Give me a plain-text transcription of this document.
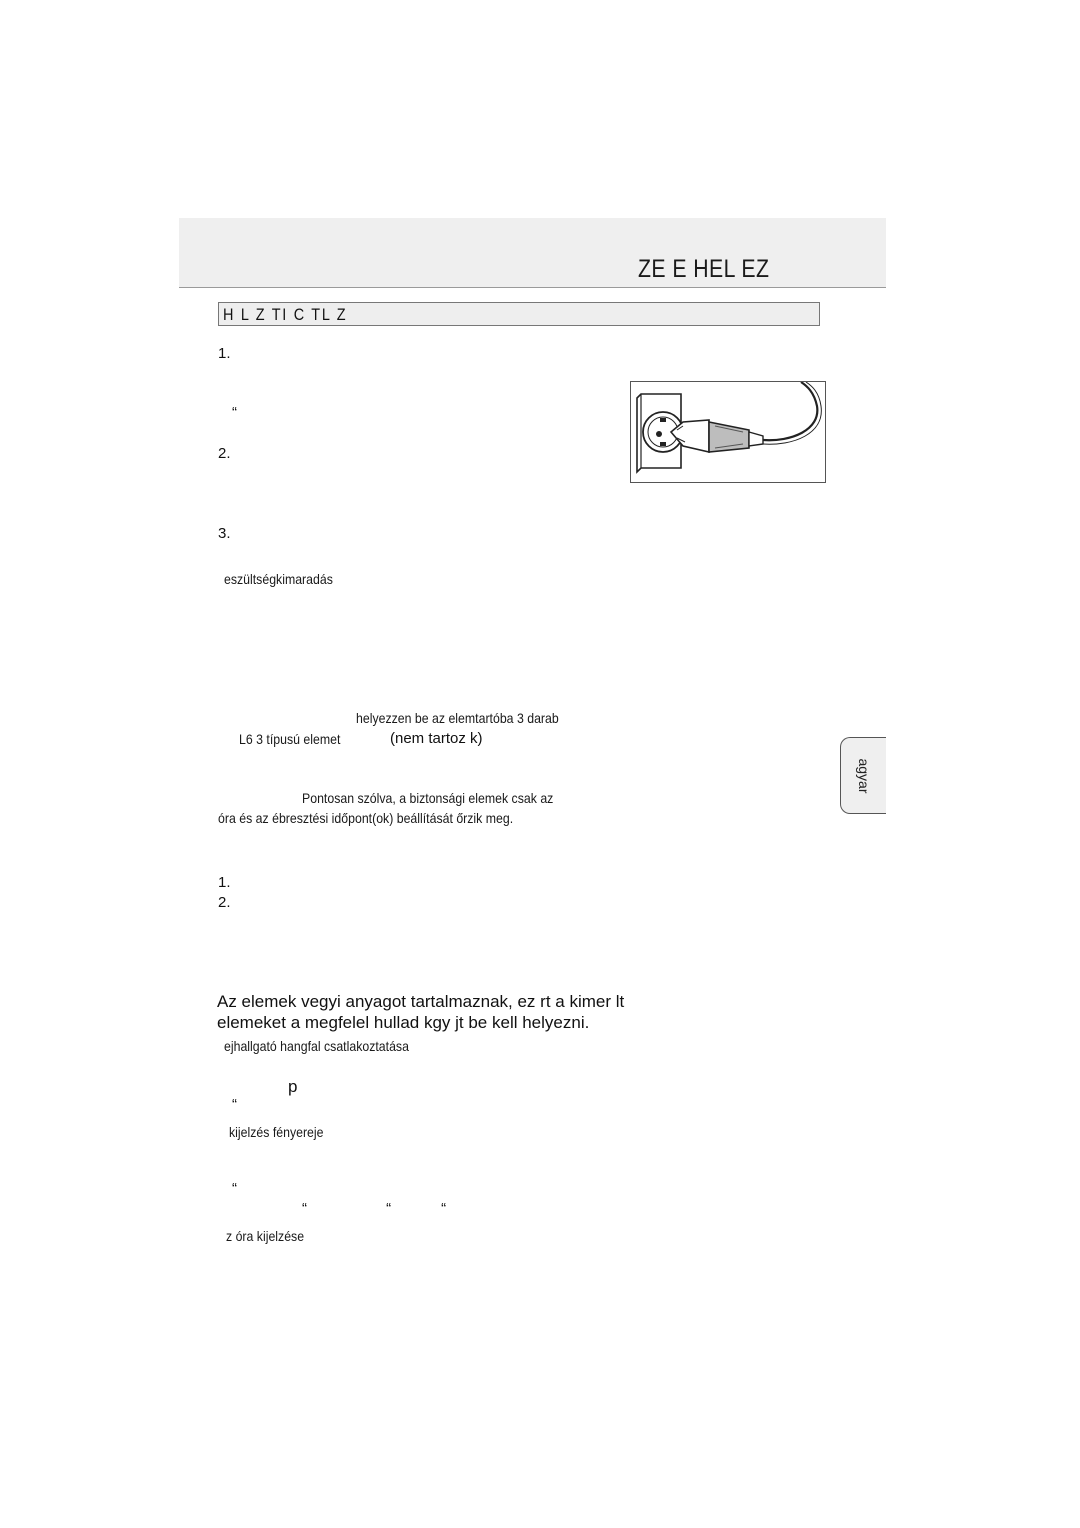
ZE E HEL EZ
H L Z TI C TL Z
1.
“
2.
3.
eszültségkimaradás
helyezzen be az elemtartóba 3 darab
L6 3 típusú elemet	(nem tartoz k)
Pontosan szólva, a biztonsági elemek csak az
óra és az ébresztési időpont(ok) beállítását őrzik meg.
agyar
1.
2.
Az elemek vegyi anyagot tartalmaznak, ez rt a kimer lt
elemeket a megfelel hullad kgy jt be kell helyezni.
ejhallgató hangfal csatlakoztatása
p
“
kijelzés fényereje
“
“                   “            “
z óra kijelzése
